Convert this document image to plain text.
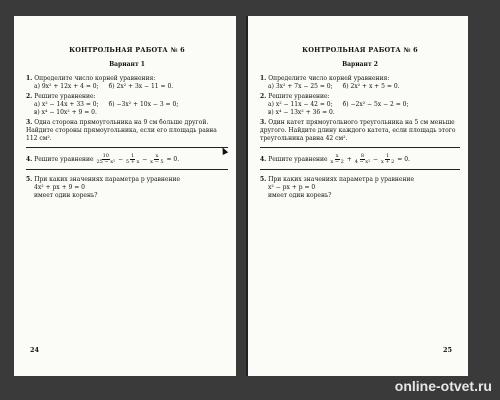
КОНТРОЛЬНАЯ РАБОТА № 6
Вариант 1
1. Определите число корней уравнения:
а) 9x² + 12x + 4 = 0; б) 2x² + 3x − 11 = 0.
2. Решите уравнение:
а) x² − 14x + 33 = 0; б) −3x² + 10x − 3 = 0;
в) x⁴ − 10x² + 9 = 0.
3. Одна сторона прямоугольника на 9 см больше другой. Найдите стороны прямоугольника, если его площадь равна 112 см².
4. Решите уравнение $\frac{10}{\text{25 − x²}} - \frac{1}{5 + x} - \frac{x}{x - 5} = 0$.
5. При каких значениях параметра p уравнение
4x² + px + 9 = 0
имеет один корень?
24
КОНТРОЛЬНАЯ РАБОТА № 6
Вариант 2
1. Определите число корней уравнения:
а) 3x² + 7x − 25 = 0; б) 2x² + x + 5 = 0.
2. Решите уравнение:
а) x² − 11x − 42 = 0; б) −2x² − 5x − 2 = 0;
в) x⁴ − 13x² + 36 = 0.
3. Один катет прямоугольного треугольника на 5 см меньше другого. Найдите длину каждого катета, если площадь этого треугольника равна 42 см².
4. Решите уравнение $\frac{x}{x - 2} + \frac{8}{\text{4 − x²}} - \frac{1}{x + 2} = 0$.
5. При каких значениях параметра p уравнение
x² − px + p = 0
имеет один корень?
25
online-otvet.ru
